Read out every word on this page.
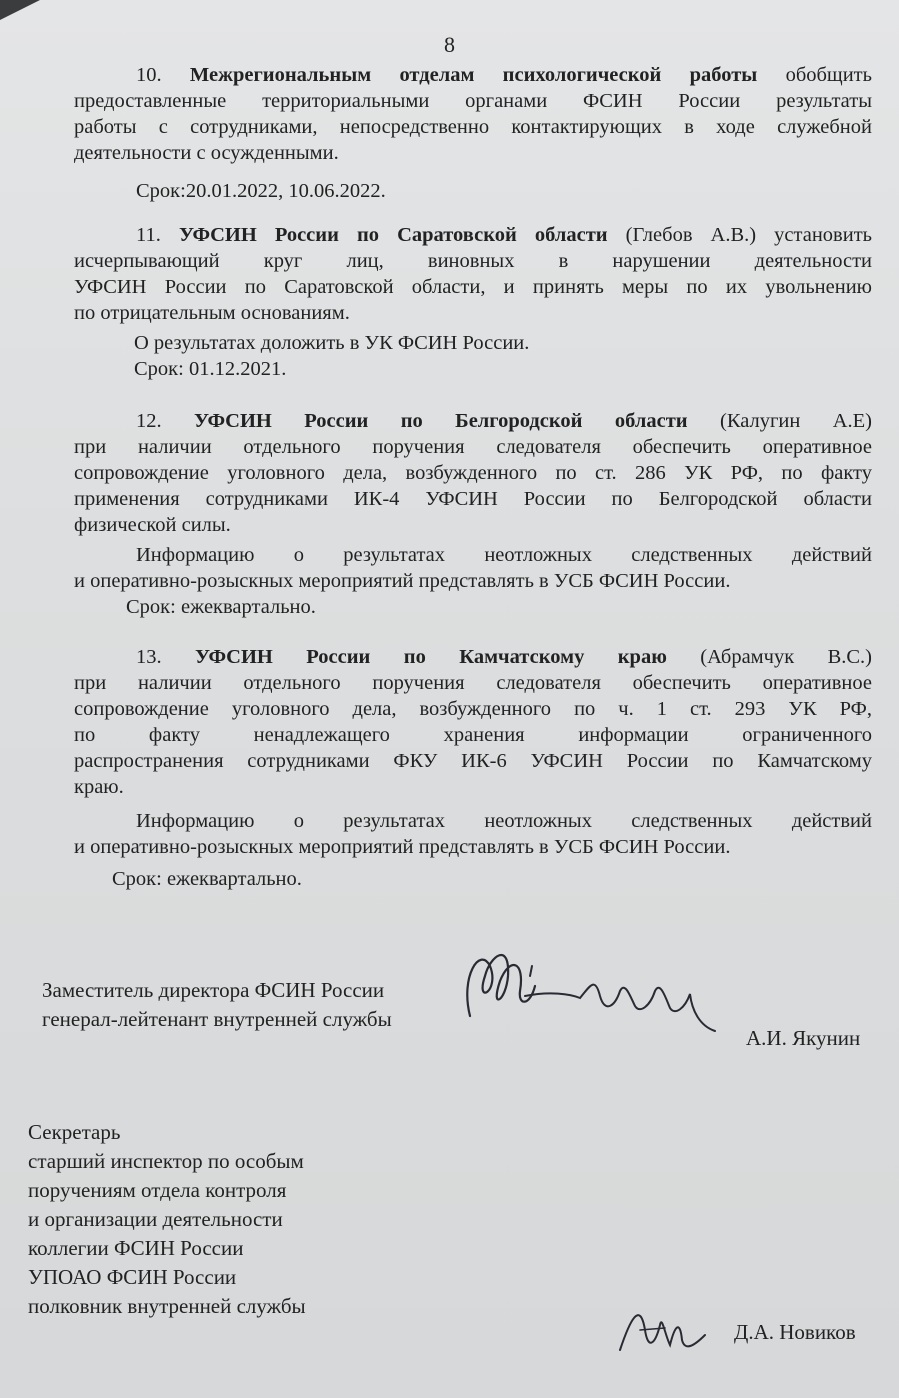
8
10. Межрегиональным отделам психологической работы обобщить
предоставленные территориальными органами ФСИН России результаты
работы с сотрудниками, непосредственно контактирующих в ходе служебной
деятельности с осужденными.
Срок:20.01.2022, 10.06.2022.
11. УФСИН России по Саратовской области (Глебов А.В.) установить
исчерпывающий круг лиц, виновных в нарушении деятельности
УФСИН России по Саратовской области, и принять меры по их увольнению
по отрицательным основаниям.
О результатах доложить в УК ФСИН России.
Срок: 01.12.2021.
12. УФСИН России по Белгородской области (Калугин А.Е)
при наличии отдельного поручения следователя обеспечить оперативное
сопровождение уголовного дела, возбужденного по ст. 286 УК РФ, по факту
применения сотрудниками ИК-4 УФСИН России по Белгородской области
физической силы.
Информацию о результатах неотложных следственных действий
и оперативно-розыскных мероприятий представлять в УСБ ФСИН России.
Срок: ежеквартально.
13. УФСИН России по Камчатскому краю (Абрамчук В.С.)
при наличии отдельного поручения следователя обеспечить оперативное
сопровождение уголовного дела, возбужденного по ч. 1 ст. 293 УК РФ,
по факту ненадлежащего хранения информации ограниченного
распространения сотрудниками ФКУ ИК-6 УФСИН России по Камчатскому
краю.
Информацию о результатах неотложных следственных действий
и оперативно-розыскных мероприятий представлять в УСБ ФСИН России.
Срок: ежеквартально.
Заместитель директора ФСИН России
генерал-лейтенант внутренней службы
А.И. Якунин
Секретарь
старший инспектор по особым
поручениям отдела контроля
и организации деятельности
коллегии ФСИН России
УПОАО ФСИН России
полковник внутренней службы
Д.А. Новиков
